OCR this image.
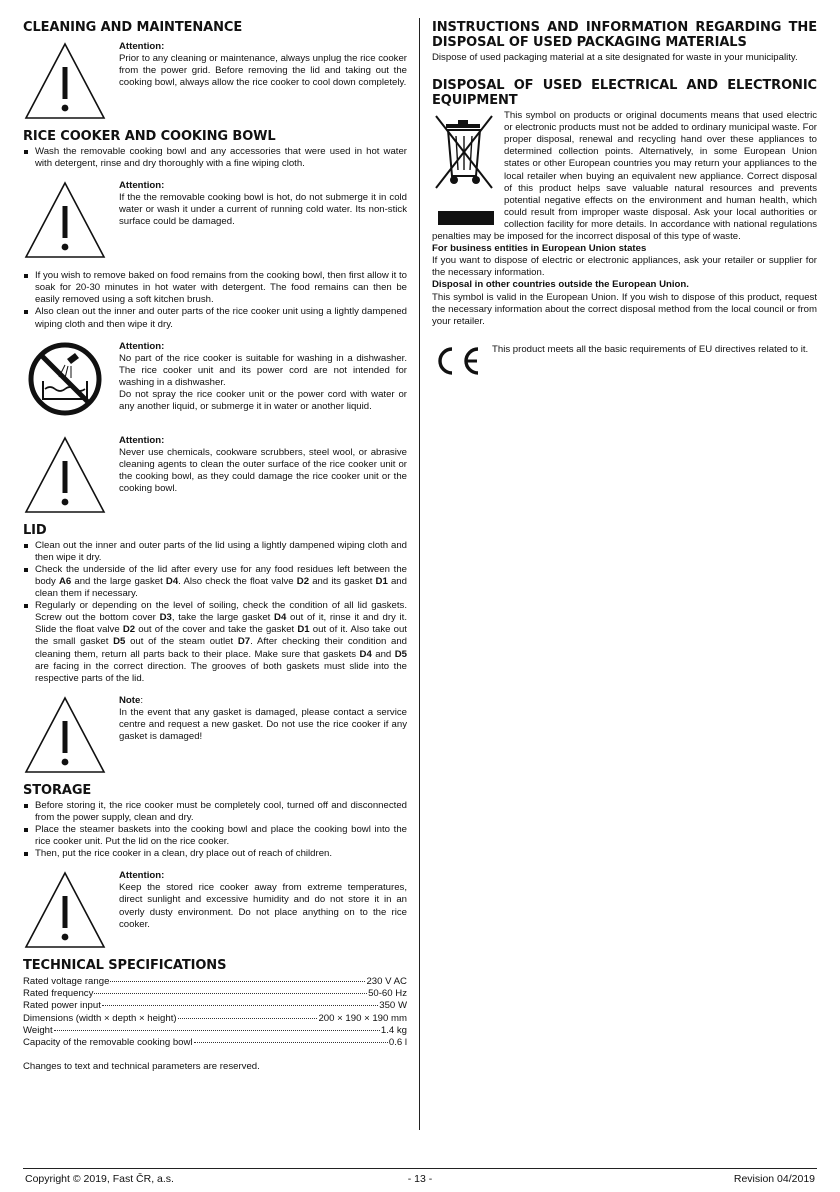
CLEANING AND MAINTENANCE
Attention:

Prior to any cleaning or maintenance, always unplug the rice cooker from the power grid. Before removing the lid and taking out the cooking bowl, always allow the rice cooker to cool down completely.

RICE COOKER AND COOKING BOWL
Wash the removable cooking bowl and any accessories that were used in hot water with detergent, rinse and dry thoroughly with a fine wiping cloth.
Attention:

If the the removable cooking bowl is hot, do not submerge it in cold water or wash it under a current of running cold water. Its non-stick surface could be damaged.

If you wish to remove baked on food remains from the cooking bowl, then first allow it to soak for 20-30 minutes in hot water with detergent. The food remains can then be easily removed using a soft kitchen brush.
Also clean out the inner and outer parts of the rice cooker unit using a lightly dampened wiping cloth and then wipe it dry.
Attention:

No part of the rice cooker is suitable for washing in a dishwasher. The rice cooker unit and its power cord are not intended for washing in a dishwasher.

Do not spray the rice cooker unit or the power cord with water or any another liquid, or submerge it in water or another liquid.

Attention:

Never use chemicals, cookware scrubbers, steel wool, or abrasive cleaning agents to clean the outer surface of the rice cooker unit or the cooking bowl, as they could damage the rice cooker unit or the cooking bowl.

LID
Clean out the inner and outer parts of the lid using a lightly dampened wiping cloth and then wipe it dry.
Check the underside of the lid after every use for any food residues left between the body A6 and the large gasket D4. Also check the float valve D2 and its gasket D1 and clean them if necessary.
Regularly or depending on the level of soiling, check the condition of all lid gaskets. Screw out the bottom cover D3, take the large gasket D4 out of it, rinse it and dry it. Slide the float valve D2 out of the cover and take the gasket D1 out of it. Also take out the small gasket D5 out of the steam outlet D7. After checking their condition and cleaning them, return all parts back to their place. Make sure that gaskets D4 and D5 are facing in the correct direction. The grooves of both gaskets must slide into the respective parts of the lid.
Note:

In the event that any gasket is damaged, please contact a service centre and request a new gasket. Do not use the rice cooker if any gasket is damaged!

STORAGE
Before storing it, the rice cooker must be completely cool, turned off and disconnected from the power supply, clean and dry.
Place the steamer baskets into the cooking bowl and place the cooking bowl into the rice cooker unit. Put the lid on the rice cooker.
Then, put the rice cooker in a clean, dry place out of reach of children.
Attention:

Keep the stored rice cooker away from extreme temperatures, direct sunlight and excessive humidity and do not store it in an overly dusty environment. Do not place anything on to the rice cooker.

TECHNICAL SPECIFICATIONS
Rated voltage range	230 V AC
Rated frequency	50-60 Hz
Rated power input	350 W
Dimensions (width × depth × height)	200 × 190 × 190 mm
Weight	1.4 kg
Capacity of the removable cooking bowl	0.6 l

Changes to text and technical parameters are reserved.

INSTRUCTIONS AND INFORMATION REGARDING THE
DISPOSAL OF USED PACKAGING MATERIALS

Dispose of used packaging material at a site designated for waste in your municipality.

DISPOSAL OF USED ELECTRICAL AND ELECTRONIC EQUIPMENT

This symbol on products or original documents means that used electric or electronic products must not be added to ordinary municipal waste. For proper disposal, renewal and recycling hand over these appliances to determined collection points. Alternatively, in some European Union states or other European countries you may return your appliances to the local retailer when buying an equivalent new appliance. Correct disposal of this product helps save valuable natural resources and prevents potential negative effects on the environment and human health, which could result from improper waste disposal. Ask your local authorities or collection facility for more details. In accordance with national regulations penalties may be imposed for the incorrect disposal of this type of waste.

For business entities in European Union states

If you want to dispose of electric or electronic appliances, ask your retailer or supplier for the necessary information.

Disposal in other countries outside the European Union.

This symbol is valid in the European Union. If you wish to dispose of this product, request the necessary information about the correct disposal method from the local council or from your retailer.

This product meets all the basic requirements of EU directives related to it.

Copyright © 2019, Fast ČR, a.s.	- 13 -	Revision 04/2019
